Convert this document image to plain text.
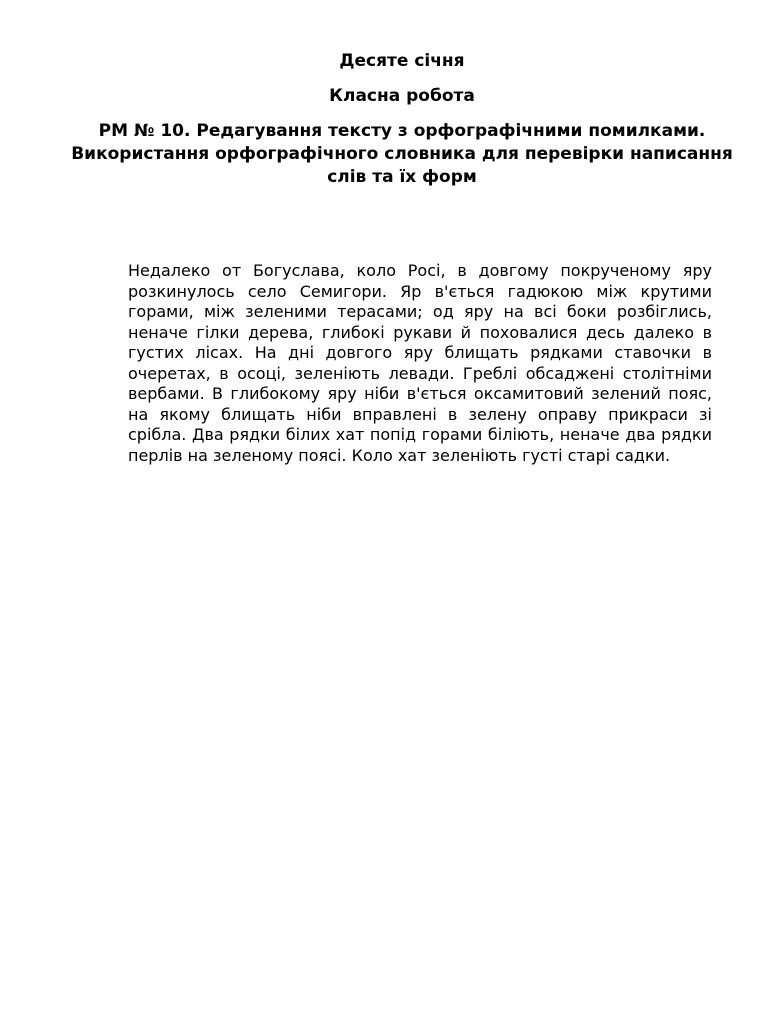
Десяте січня
Класна робота
РМ № 10. Редагування тексту з орфографічними помилками. Використання орфографічного словника для перевірки написання слів та їх форм

Недалеко от Богуслава, коло Росі, в довгому покрученому яру розкинулось село Семигори. Яр в'ється гадюкою між крутими горами, між зеленими терасами; од яру на всі боки розбіглись, неначе гілки дерева, глибокі рукави й поховалися десь далеко в густих лісах. На дні довгого яру блищать рядками ставочки в очеретах, в осоці, зеленіють левади. Греблі обсаджені столітніми вербами. В глибокому яру ніби в'ється оксамитовий зелений пояс, на якому блищать ніби вправлені в зелену оправу прикраси зі срібла. Два рядки білих хат попід горами біліють, неначе два рядки перлів на зеленому поясі. Коло хат зеленіють густі старі садки.
